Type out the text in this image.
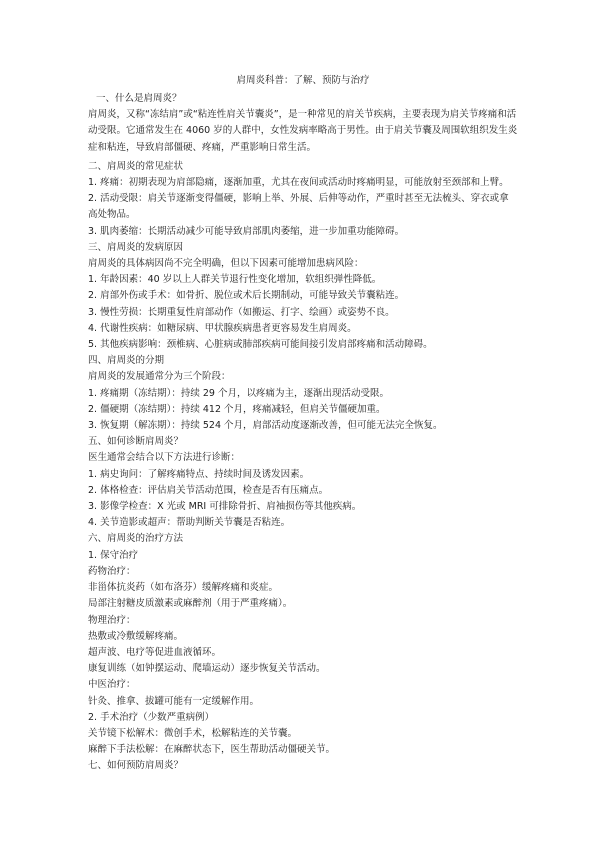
肩周炎科普：了解、预防与治疗

一、什么是肩周炎？

肩周炎，又称“冻结肩”或“粘连性肩关节囊炎”，是一种常见的肩关节疾病，主要表现为肩关节疼痛和活动受限。它通常发生在 4060 岁的人群中，女性发病率略高于男性。由于肩关节囊及周围软组织发生炎症和粘连，导致肩部僵硬、疼痛，严重影响日常生活。

二、肩周炎的常见症状

1. 疼痛：初期表现为肩部隐痛，逐渐加重，尤其在夜间或活动时疼痛明显，可能放射至颈部和上臂。

2. 活动受限：肩关节逐渐变得僵硬，影响上举、外展、后伸等动作，严重时甚至无法梳头、穿衣或拿高处物品。

3. 肌肉萎缩：长期活动减少可能导致肩部肌肉萎缩，进一步加重功能障碍。

三、肩周炎的发病原因

肩周炎的具体病因尚不完全明确，但以下因素可能增加患病风险：

1. 年龄因素：40 岁以上人群关节退行性变化增加，软组织弹性降低。

2. 肩部外伤或手术：如骨折、脱位或术后长期制动，可能导致关节囊粘连。

3. 慢性劳损：长期重复性肩部动作（如搬运、打字、绘画）或姿势不良。

4. 代谢性疾病：如糖尿病、甲状腺疾病患者更容易发生肩周炎。

5. 其他疾病影响：颈椎病、心脏病或肺部疾病可能间接引发肩部疼痛和活动障碍。

四、肩周炎的分期

肩周炎的发展通常分为三个阶段：

1. 疼痛期（冻结期）：持续 29 个月，以疼痛为主，逐渐出现活动受限。

2. 僵硬期（冻结期）：持续 412 个月，疼痛减轻，但肩关节僵硬加重。

3. 恢复期（解冻期）：持续 524 个月，肩部活动度逐渐改善，但可能无法完全恢复。

五、如何诊断肩周炎？

医生通常会结合以下方法进行诊断：

1. 病史询问：了解疼痛特点、持续时间及诱发因素。

2. 体格检查：评估肩关节活动范围，检查是否有压痛点。

3. 影像学检查：X 光或 MRI 可排除骨折、肩袖损伤等其他疾病。

4. 关节造影或超声：帮助判断关节囊是否粘连。

六、肩周炎的治疗方法

1. 保守治疗

药物治疗：

非甾体抗炎药（如布洛芬）缓解疼痛和炎症。

局部注射糖皮质激素或麻醉剂（用于严重疼痛）。

物理治疗：

热敷或冷敷缓解疼痛。

超声波、电疗等促进血液循环。

康复训练（如钟摆运动、爬墙运动）逐步恢复关节活动。

中医治疗：

针灸、推拿、拔罐可能有一定缓解作用。

2. 手术治疗（少数严重病例）

关节镜下松解术：微创手术，松解粘连的关节囊。

麻醉下手法松解：在麻醉状态下，医生帮助活动僵硬关节。

七、如何预防肩周炎？
